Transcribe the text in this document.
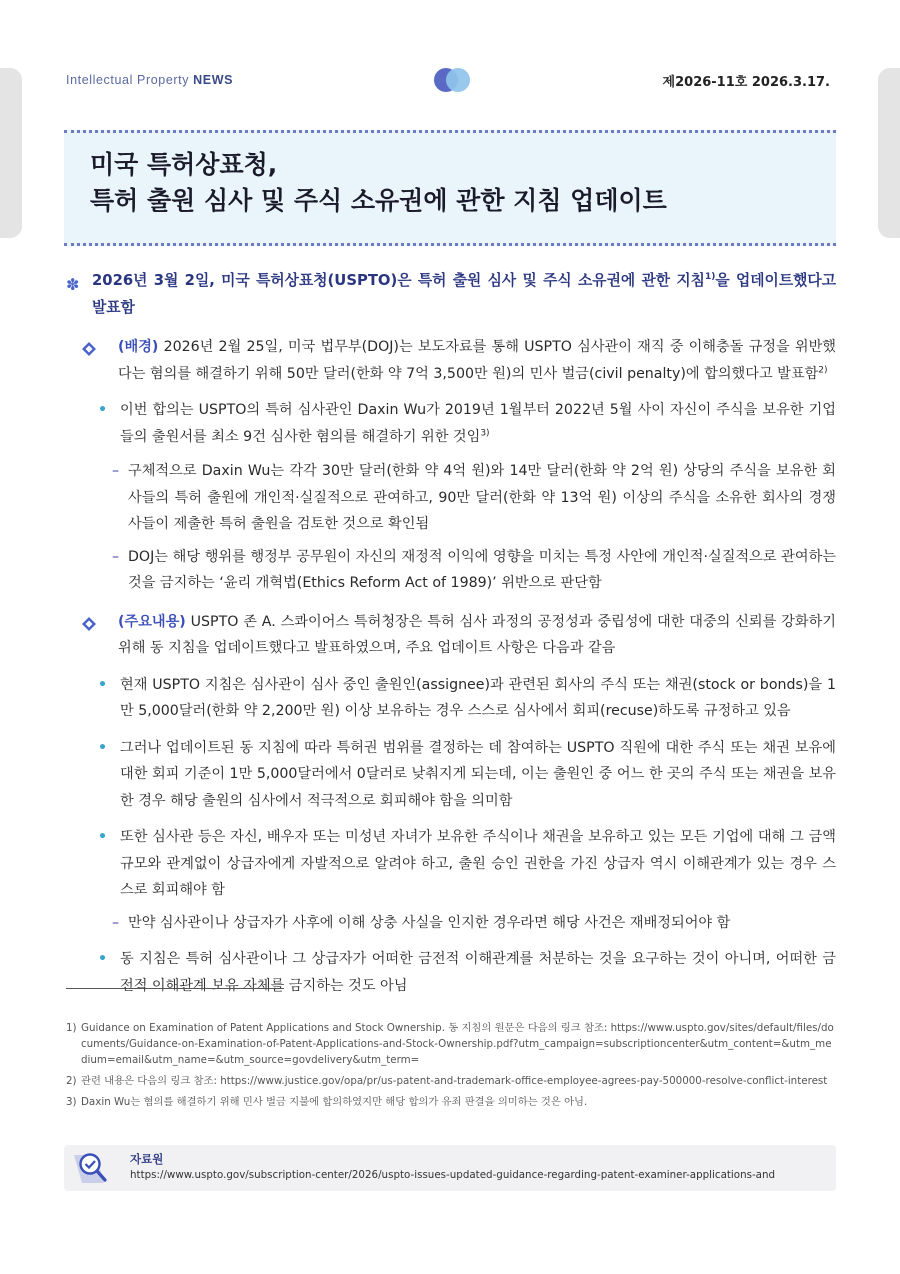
Intellectual Property NEWS	제2026-11호 2026.3.17.
미국 특허상표청,
특허 출원 심사 및 주식 소유권에 관한 지침 업데이트
✽ 2026년 3월 2일, 미국 특허상표청(USPTO)은 특허 출원 심사 및 주식 소유권에 관한 지침$^{1)}$을 업데이트했다고 발표함
(배경) 2026년 2월 25일, 미국 법무부(DOJ)는 보도자료를 통해 USPTO 심사관이 재직 중 이해충돌 규정을 위반했다는 혐의를 해결하기 위해 50만 달러(한화 약 7억 3,500만 원)의 민사 벌금(civil penalty)에 합의했다고 발표함$^{2)}$
• 이번 합의는 USPTO의 특허 심사관인 Daxin Wu가 2019년 1월부터 2022년 5월 사이 자신이 주식을 보유한 기업들의 출원서를 최소 9건 심사한 혐의를 해결하기 위한 것임$^{3)}$
– 구체적으로 Daxin Wu는 각각 30만 달러(한화 약 4억 원)와 14만 달러(한화 약 2억 원) 상당의 주식을 보유한 회사들의 특허 출원에 개인적·실질적으로 관여하고, 90만 달러(한화 약 13억 원) 이상의 주식을 소유한 회사의 경쟁사들이 제출한 특허 출원을 검토한 것으로 확인됨
– DOJ는 해당 행위를 행정부 공무원이 자신의 재정적 이익에 영향을 미치는 특정 사안에 개인적·실질적으로 관여하는 것을 금지하는 ‘윤리 개혁법(Ethics Reform Act of 1989)’ 위반으로 판단함
(주요내용) USPTO 존 A. 스콰이어스 특허청장은 특허 심사 과정의 공정성과 중립성에 대한 대중의 신뢰를 강화하기 위해 동 지침을 업데이트했다고 발표하였으며, 주요 업데이트 사항은 다음과 같음
• 현재 USPTO 지침은 심사관이 심사 중인 출원인(assignee)과 관련된 회사의 주식 또는 채권(stock or bonds)을 1만 5,000달러(한화 약 2,200만 원) 이상 보유하는 경우 스스로 심사에서 회피(recuse)하도록 규정하고 있음
• 그러나 업데이트된 동 지침에 따라 특허권 범위를 결정하는 데 참여하는 USPTO 직원에 대한 주식 또는 채권 보유에 대한 회피 기준이 1만 5,000달러에서 0달러로 낮춰지게 되는데, 이는 출원인 중 어느 한 곳의 주식 또는 채권을 보유한 경우 해당 출원의 심사에서 적극적으로 회피해야 함을 의미함
• 또한 심사관 등은 자신, 배우자 또는 미성년 자녀가 보유한 주식이나 채권을 보유하고 있는 모든 기업에 대해 그 금액 규모와 관계없이 상급자에게 자발적으로 알려야 하고, 출원 승인 권한을 가진 상급자 역시 이해관계가 있는 경우 스스로 회피해야 함
– 만약 심사관이나 상급자가 사후에 이해 상충 사실을 인지한 경우라면 해당 사건은 재배정되어야 함
• 동 지침은 특허 심사관이나 그 상급자가 어떠한 금전적 이해관계를 처분하는 것을 요구하는 것이 아니며, 어떠한 금전적 이해관계 보유 자체를 금지하는 것도 아님
1) Guidance on Examination of Patent Applications and Stock Ownership. 동 지침의 원문은 다음의 링크 참조: https://www.uspto.gov/sites/default/files/documents/Guidance-on-Examination-of-Patent-Applications-and-Stock-Ownership.pdf?utm_campaign=subscriptioncenter&utm_content=&utm_medium=email&utm_name=&utm_source=govdelivery&utm_term=
2) 관련 내용은 다음의 링크 참조: https://www.justice.gov/opa/pr/us-patent-and-trademark-office-employee-agrees-pay-500000-resolve-conflict-interest
3) Daxin Wu는 혐의를 해결하기 위해 민사 벌금 지불에 합의하였지만 해당 합의가 유죄 판결을 의미하는 것은 아님.
자료원
https://www.uspto.gov/subscription-center/2026/uspto-issues-updated-guidance-regarding-patent-examiner-applications-and
